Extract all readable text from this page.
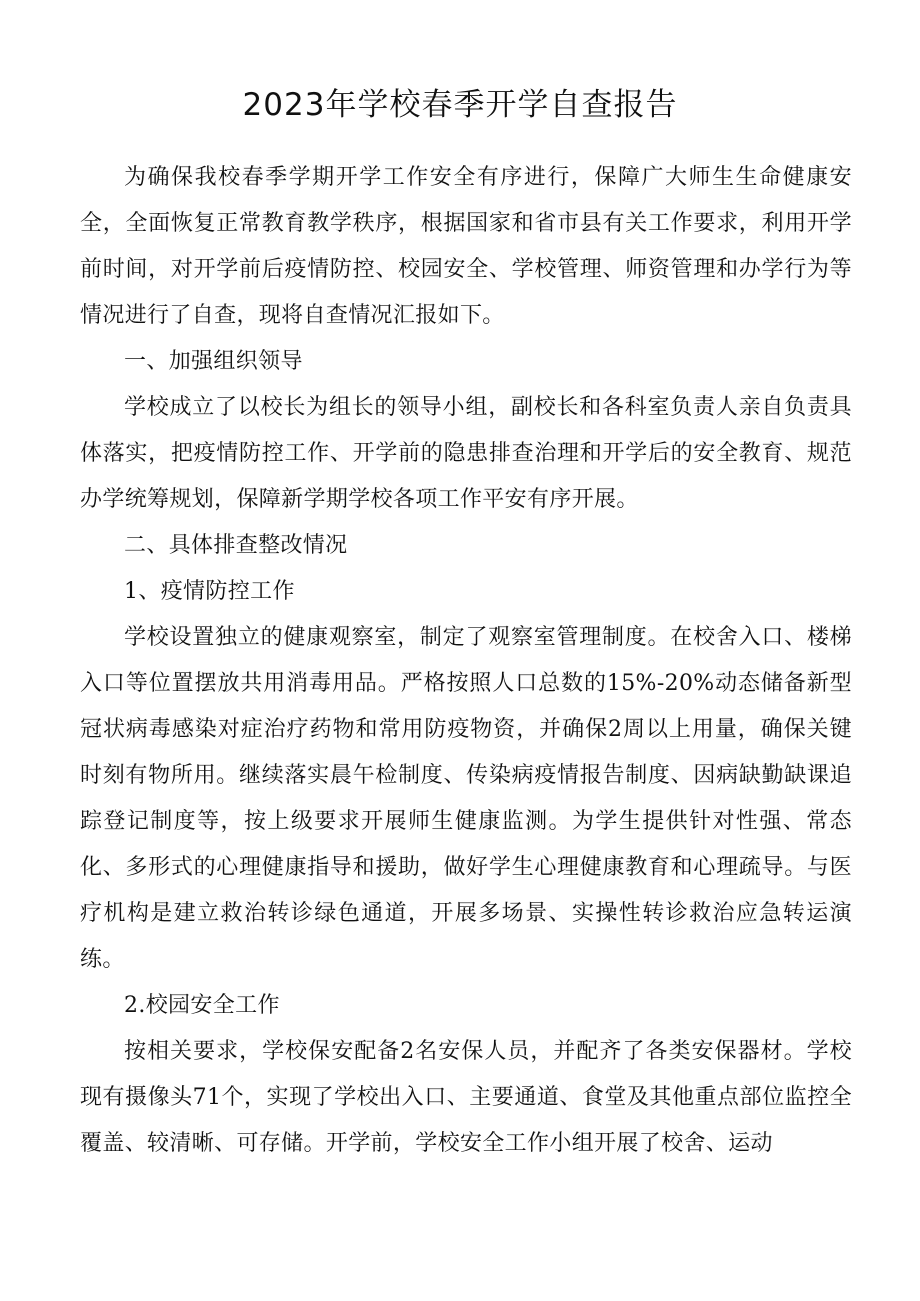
2023年学校春季开学自查报告

为确保我校春季学期开学工作安全有序进行，保障广大师生生命健康安全，全面恢复正常教育教学秩序，根据国家和省市县有关工作要求，利用开学前时间，对开学前后疫情防控、校园安全、学校管理、师资管理和办学行为等情况进行了自查，现将自查情况汇报如下。

一、加强组织领导

学校成立了以校长为组长的领导小组，副校长和各科室负责人亲自负责具体落实，把疫情防控工作、开学前的隐患排查治理和开学后的安全教育、规范办学统筹规划，保障新学期学校各项工作平安有序开展。

二、具体排查整改情况

1、疫情防控工作

学校设置独立的健康观察室，制定了观察室管理制度。在校舍入口、楼梯入口等位置摆放共用消毒用品。严格按照人口总数的15%-20%动态储备新型冠状病毒感染对症治疗药物和常用防疫物资，并确保2周以上用量，确保关键时刻有物所用。继续落实晨午检制度、传染病疫情报告制度、因病缺勤缺课追踪登记制度等，按上级要求开展师生健康监测。为学生提供针对性强、常态化、多形式的心理健康指导和援助，做好学生心理健康教育和心理疏导。与医疗机构是建立救治转诊绿色通道，开展多场景、实操性转诊救治应急转运演练。

2.校园安全工作

按相关要求，学校保安配备2名安保人员，并配齐了各类安保器材。学校现有摄像头71个，实现了学校出入口、主要通道、食堂及其他重点部位监控全覆盖、较清晰、可存储。开学前，学校安全工作小组开展了校舍、运动
